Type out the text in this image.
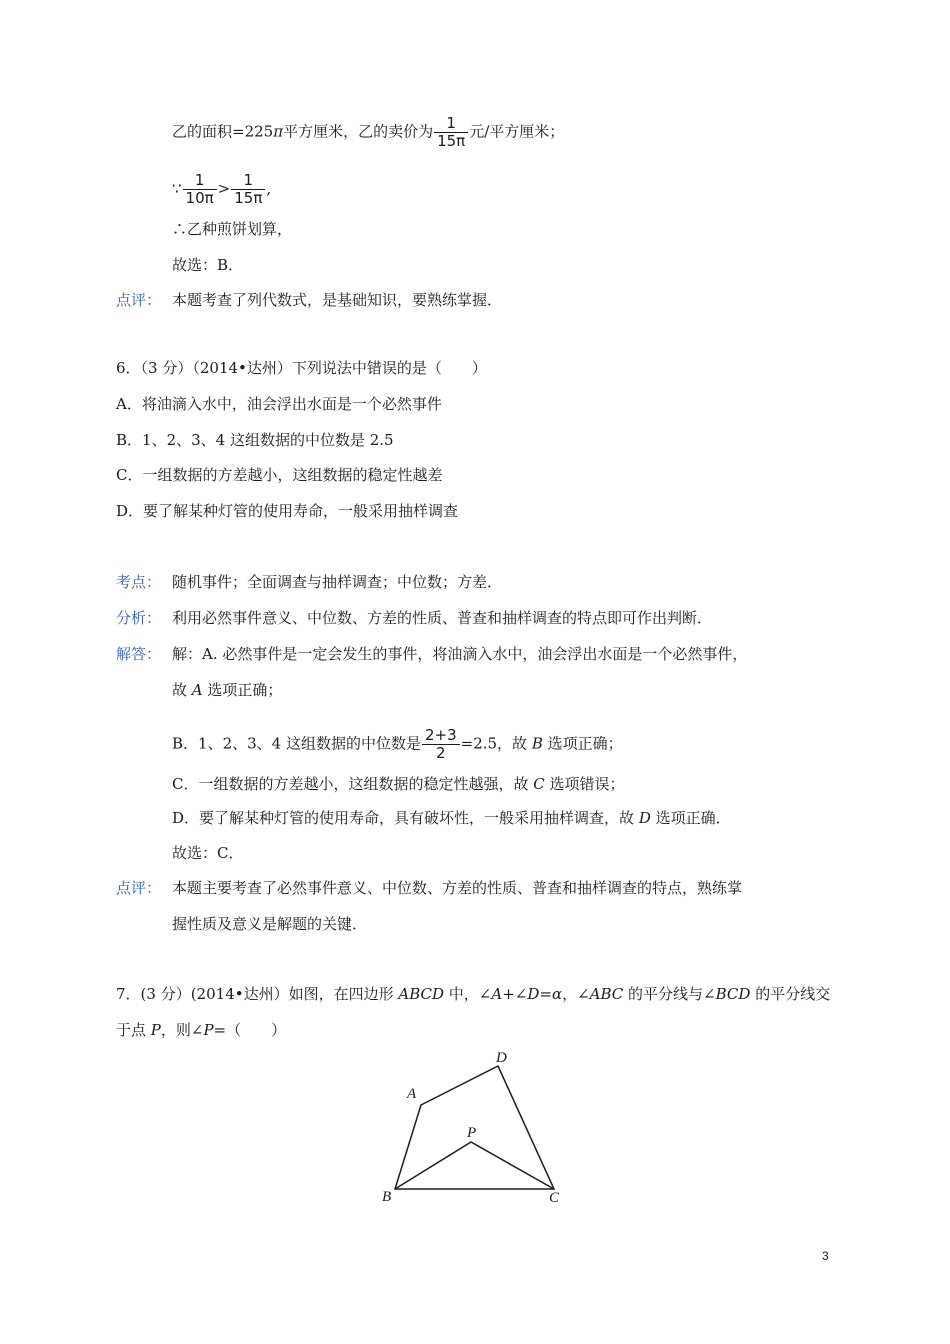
乙的面积=225π平方厘米，乙的卖价为 $\frac{1}{15\pi}$ 元/平方厘米；
∵ $\frac{1}{10\pi} > \frac{1}{15\pi}$ ,
∴乙种煎饼划算，
故选：B．
点评： 本题考查了列代数式，是基础知识，要熟练掌握．
6．（3 分）（2014•达州）下列说法中错误的是（　　）
A．将油滴入水中，油会浮出水面是一个必然事件
B．1、2、3、4 这组数据的中位数是 2.5
C．一组数据的方差越小，这组数据的稳定性越差
D．要了解某种灯管的使用寿命，一般采用抽样调查
考点： 随机事件；全面调查与抽样调查；中位数；方差．
分析： 利用必然事件意义、中位数、方差的性质、普查和抽样调查的特点即可作出判断．
解答： 解：A. 必然事件是一定会发生的事件，将油滴入水中，油会浮出水面是一个必然事件，
故 A 选项正确；
B．1、2、3、4 这组数据的中位数是 $\frac{2+3}{2} =2.5$，故 B 选项正确；
C．一组数据的方差越小，这组数据的稳定性越强，故 C 选项错误；
D．要了解某种灯管的使用寿命，具有破坏性，一般采用抽样调查，故 D 选项正确．
故选：C．
点评： 本题主要考查了必然事件意义、中位数、方差的性质、普查和抽样调查的特点，熟练掌
握性质及意义是解题的关键．
7．(3 分）(2014•达州）如图，在四边形 ABCD 中，∠A+∠D=α，∠ABC 的平分线与∠BCD 的平分线交
于点 P，则∠P=（　　）
A
B	C
D
P
3
